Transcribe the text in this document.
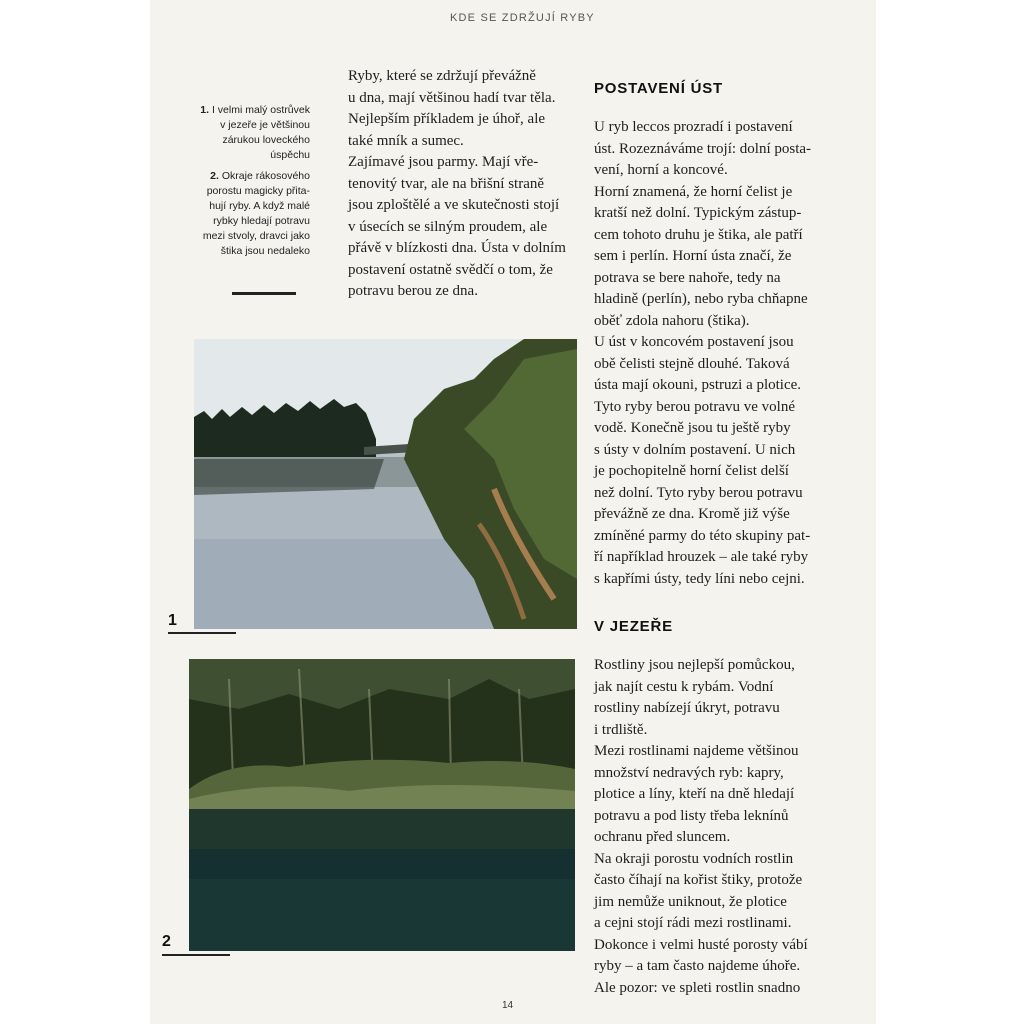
KDE SE ZDRŽUJÍ RYBY

1. I velmi malý ostrůvek
v jezeře je většinou
zárukou loveckého
úspěchu

2. Okraje rákosového
porostu magicky přita-
hují ryby. A když malé
rybky hledají potravu
mezi stvoly, dravci jako
štika jsou nedaleko

Ryby, které se zdržují převážně
u dna, mají většinou hadí tvar těla.
Nejlepším příkladem je úhoř, ale
také mník a sumec.
Zajímavé jsou parmy. Mají vře-
tenovitý tvar, ale na břišní straně
jsou zploštělé a ve skutečnosti stojí
v úsecích se silným proudem, ale
přávě v blízkosti dna. Ústa v dolním
postavení ostatně svědčí o tom, že
potravu berou ze dna.

POSTAVENÍ ÚST

U ryb leccos prozradí i postavení
úst. Rozeznáváme trojí: dolní posta-
vení, horní a koncové.
Horní znamená, že horní čelist je
kratší než dolní. Typickým zástup-
cem tohoto druhu je štika, ale patří
sem i perlín. Horní ústa značí, že
potrava se bere nahoře, tedy na
hladině (perlín), nebo ryba chňapne
oběť zdola nahoru (štika).
U úst v koncovém postavení jsou
obě čelisti stejně dlouhé. Taková
ústa mají okouni, pstruzi a plotice.
Tyto ryby berou potravu ve volné
vodě. Konečně jsou tu ještě ryby
s ústy v dolním postavení. U nich
je pochopitelně horní čelist delší
než dolní. Tyto ryby berou potravu
převážně ze dna. Kromě již výše
zmíněné parmy do této skupiny pat-
ří například hrouzek – ale také ryby
s kapřími ústy, tedy líni nebo cejni.

V JEZEŘE

Rostliny jsou nejlepší pomůckou,
jak najít cestu k rybám. Vodní
rostliny nabízejí úkryt, potravu
i trdliště.
Mezi rostlinami najdeme většinou
množství nedravých ryb: kapry,
plotice a líny, kteří na dně hledají
potravu a pod listy třeba leknínů
ochranu před sluncem.
Na okraji porostu vodních rostlin
často číhají na kořist štiky, protože
jim nemůže uniknout, že plotice
a cejni stojí rádi mezi rostlinami.
Dokonce i velmi husté porosty vábí
ryby – a tam často najdeme úhoře.
Ale pozor: ve spleti rostlin snadno

1
2
14
